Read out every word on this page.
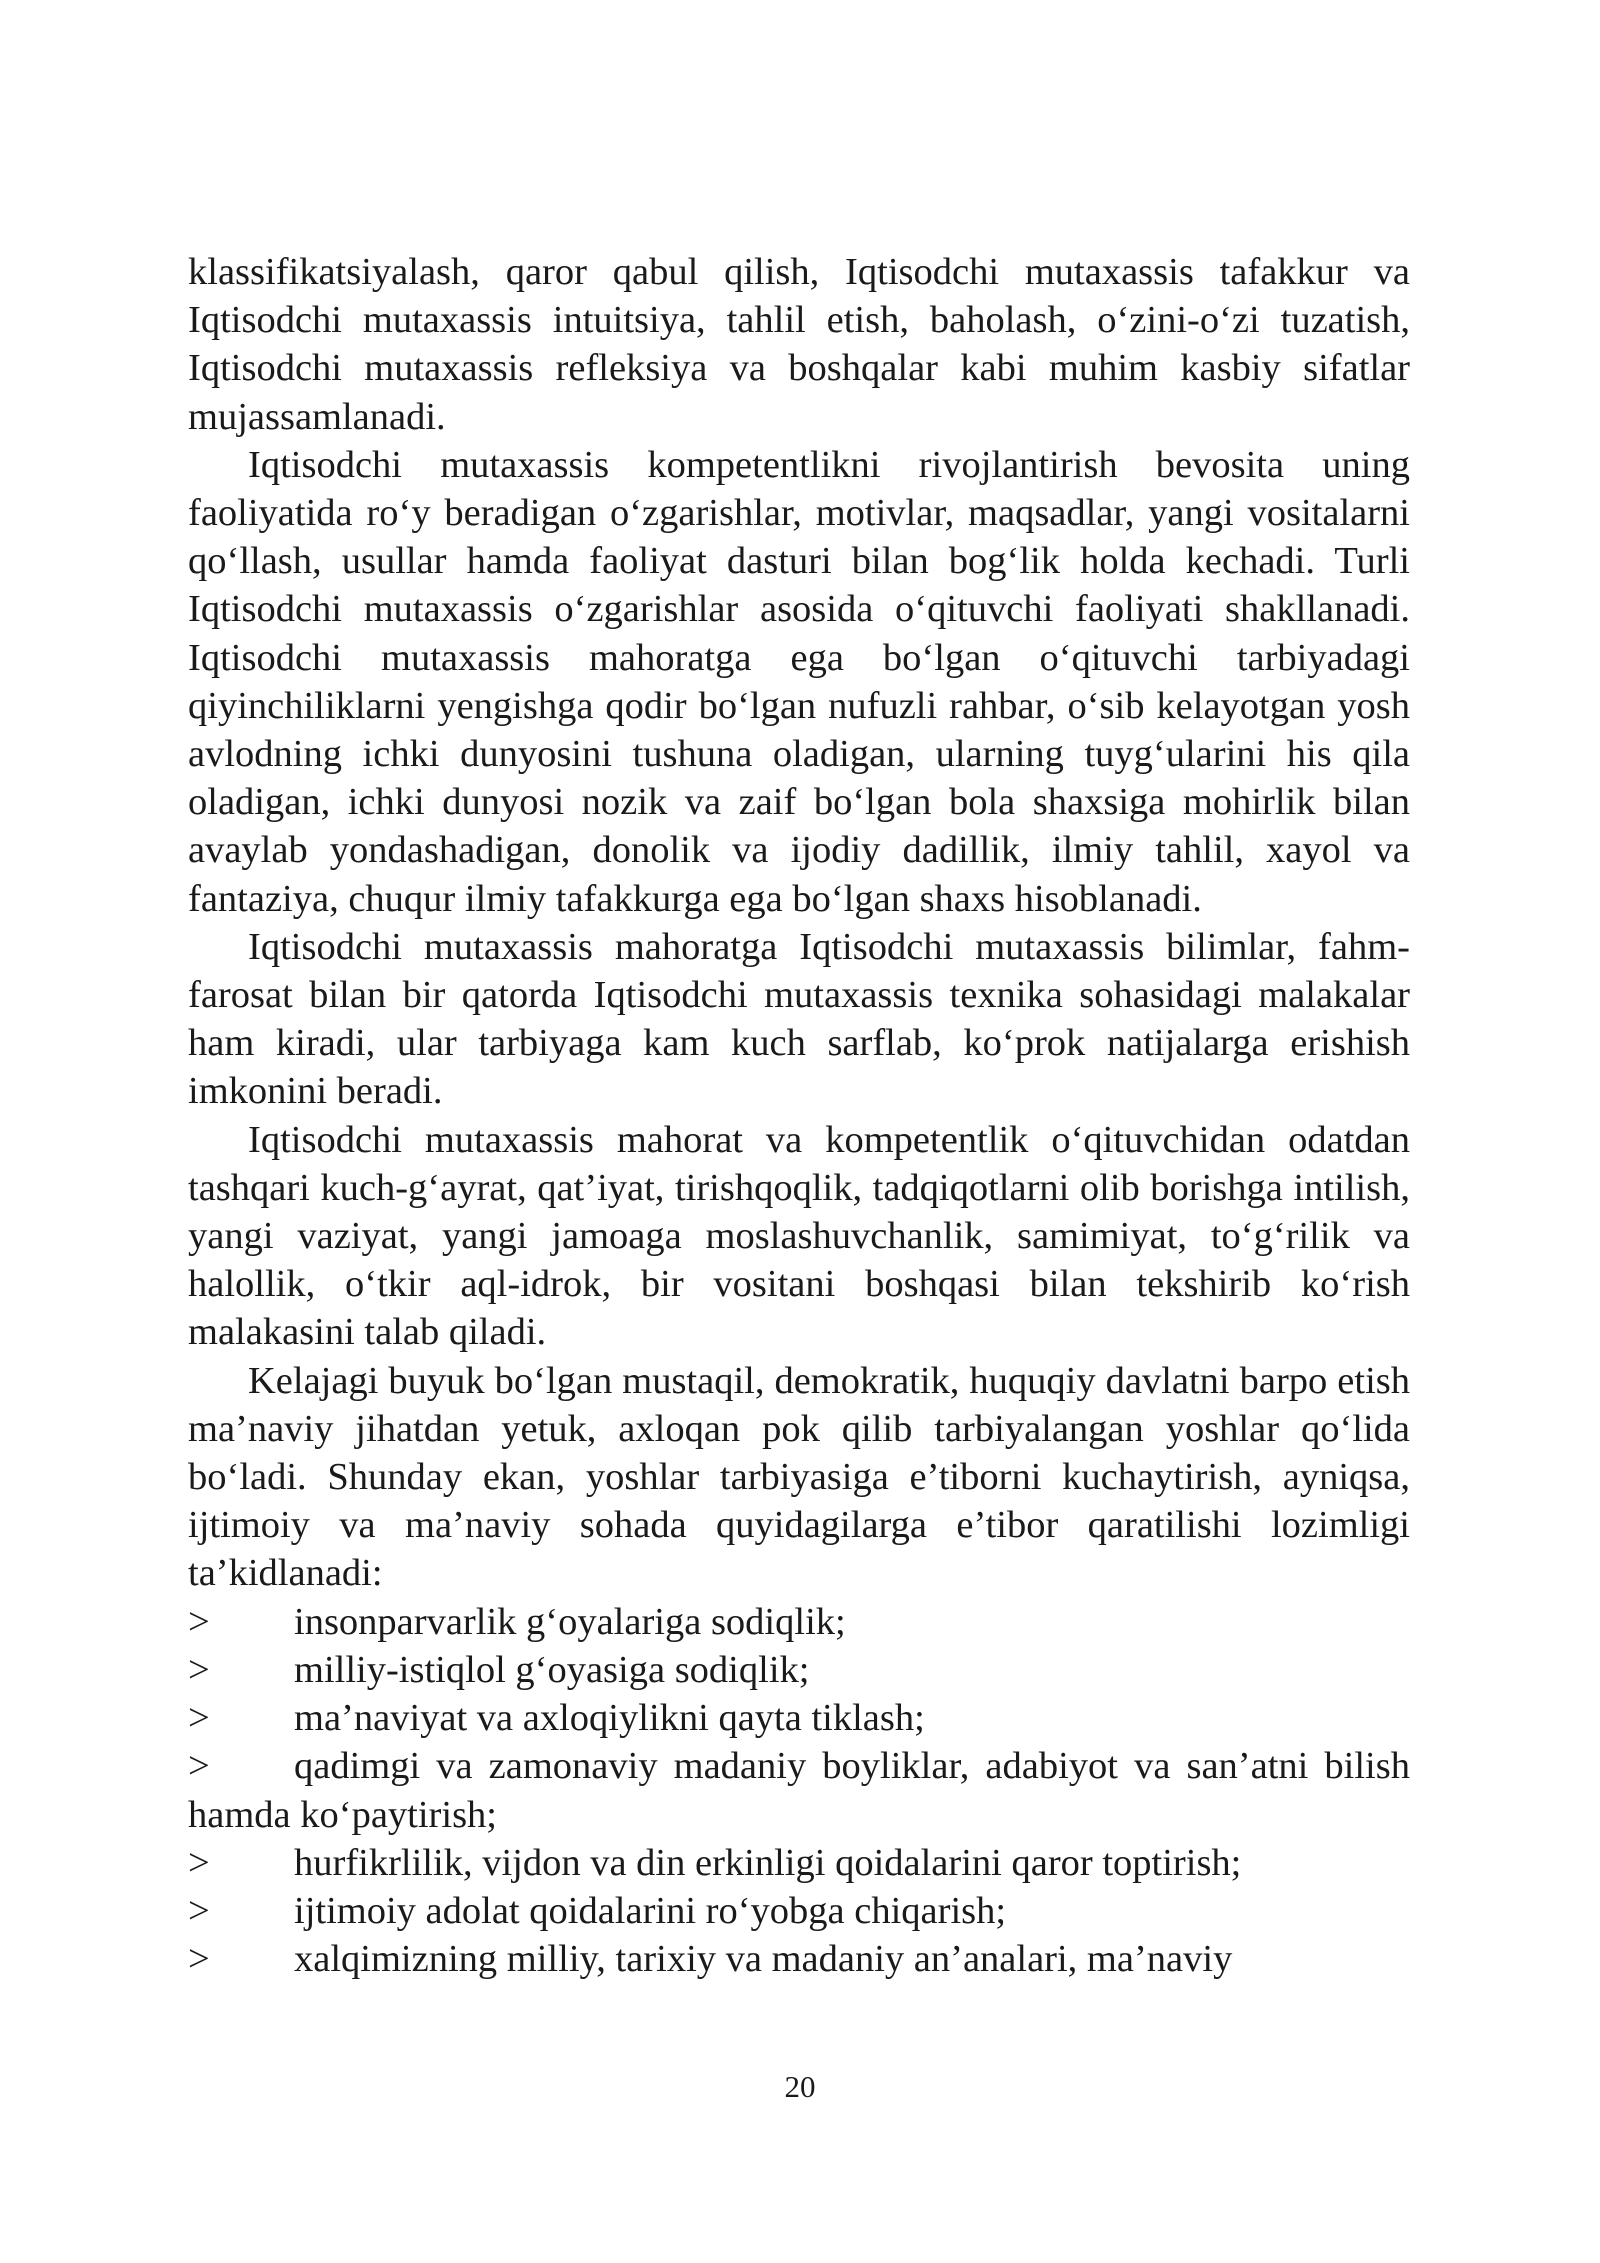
klassifikatsiyalash, qaror qabul qilish, Iqtisodchi mutaxassis tafakkur va Iqtisodchi mutaxassis intuitsiya, tahlil etish, baholash, o‘zini-o‘zi tuzatish, Iqtisodchi mutaxassis refleksiya va boshqalar kabi muhim kasbiy sifatlar mujassamlanadi.

Iqtisodchi mutaxassis kompetentlikni rivojlantirish bevosita uning faoliyatida ro‘y beradigan o‘zgarishlar, motivlar, maqsadlar, yangi vositalarni qo‘llash, usullar hamda faoliyat dasturi bilan bog‘lik holda kechadi. Turli Iqtisodchi mutaxassis o‘zgarishlar asosida o‘qituvchi faoliyati shakllanadi. Iqtisodchi mutaxassis mahoratga ega bo‘lgan o‘qituvchi tarbiyadagi qiyinchiliklarni yengishga qodir bo‘lgan nufuzli rahbar, o‘sib kelayotgan yosh avlodning ichki dunyosini tushuna oladigan, ularning tuyg‘ularini his qila oladigan, ichki dunyosi nozik va zaif bo‘lgan bola shaxsiga mohirlik bilan avaylab yondashadigan, donolik va ijodiy dadillik, ilmiy tahlil, xayol va fantaziya, chuqur ilmiy tafakkurga ega bo‘lgan shaxs hisoblanadi.

Iqtisodchi mutaxassis mahoratga Iqtisodchi mutaxassis bilimlar, fahm-farosat bilan bir qatorda Iqtisodchi mutaxassis texnika sohasidagi malakalar ham kiradi, ular tarbiyaga kam kuch sarflab, ko‘prok natijalarga erishish imkonini beradi.

Iqtisodchi mutaxassis mahorat va kompetentlik o‘qituvchidan odatdan tashqari kuch-g‘ayrat, qat’iyat, tirishqoqlik, tadqiqotlarni olib borishga intilish, yangi vaziyat, yangi jamoaga moslashuvchanlik, samimiyat, to‘g‘rilik va halollik, o‘tkir aql-idrok, bir vositani boshqasi bilan tekshirib ko‘rish malakasini talab qiladi.

Kelajagi buyuk bo‘lgan mustaqil, demokratik, huquqiy davlatni barpo etish ma’naviy jihatdan yetuk, axloqan pok qilib tarbiyalangan yoshlar qo‘lida bo‘ladi. Shunday ekan, yoshlar tarbiyasiga e’tiborni kuchaytirish, ayniqsa, ijtimoiy va ma’naviy sohada quyidagilarga e’tibor qaratilishi lozimligi ta’kidlanadi:

> insonparvarlik g‘oyalariga sodiqlik;

> milliy-istiqlol g‘oyasiga sodiqlik;

> ma’naviyat va axloqiylikni qayta tiklash;

> qadimgi va zamonaviy madaniy boyliklar, adabiyot va san’atni bilish hamda ko‘paytirish;

> hurfikrlilik, vijdon va din erkinligi qoidalarini qaror toptirish;

> ijtimoiy adolat qoidalarini ro‘yobga chiqarish;

> xalqimizning milliy, tarixiy va madaniy an’analari, ma’naviy

20
